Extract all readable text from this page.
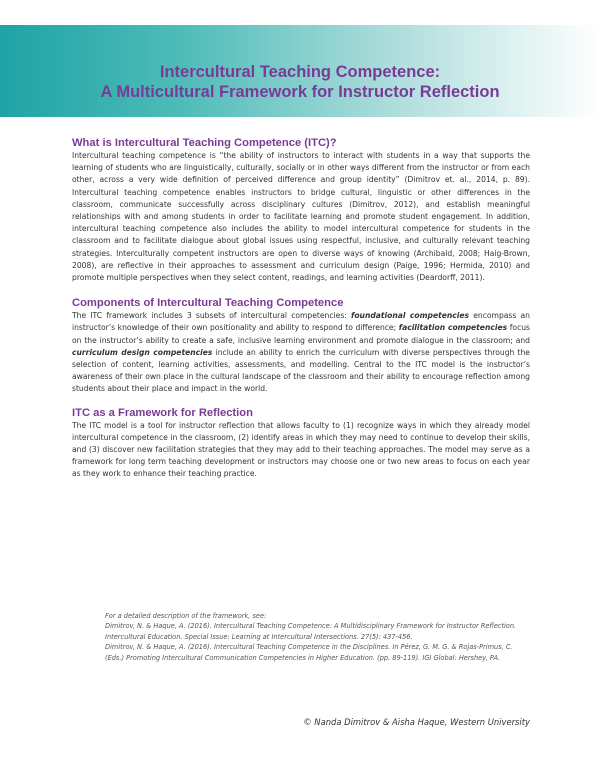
Intercultural Teaching Competence:
A Multicultural Framework for Instructor Reflection
What is Intercultural Teaching Competence (ITC)?

Intercultural teaching competence is “the ability of instructors to interact with students in a way that supports the learning of students who are linguistically, culturally, socially or in other ways different from the instructor or from each other, across a very wide definition of perceived difference and group identity” (Dimitrov et. al., 2014, p. 89). Intercultural teaching competence enables instructors to bridge cultural, linguistic or other differences in the classroom, communicate successfully across disciplinary cultures (Dimitrov, 2012), and establish meaningful relationships with and among students in order to facilitate learning and promote student engagement. In addition, intercultural teaching competence also includes the ability to model intercultural competence for students in the classroom and to facilitate dialogue about global issues using respectful, inclusive, and culturally relevant teaching strategies. Interculturally competent instructors are open to diverse ways of knowing (Archibald, 2008; Haig-Brown, 2008), are reflective in their approaches to assessment and curriculum design (Paige, 1996; Hermida, 2010) and promote multiple perspectives when they select content, readings, and learning activities (Deardorff, 2011).

Components of Intercultural Teaching Competence

The ITC framework includes 3 subsets of intercultural competencies: foundational competencies encompass an instructor’s knowledge of their own positionality and ability to respond to difference; facilitation competencies focus on the instructor’s ability to create a safe, inclusive learning environment and promote dialogue in the classroom; and curriculum design competencies include an ability to enrich the curriculum with diverse perspectives through the selection of content, learning activities, assessments, and modelling. Central to the ITC model is the instructor’s awareness of their own place in the cultural landscape of the classroom and their ability to encourage reflection among students about their place and impact in the world.

ITC as a Framework for Reflection

The ITC model is a tool for instructor reflection that allows faculty to (1) recognize ways in which they already model intercultural competence in the classroom, (2) identify areas in which they may need to continue to develop their skills, and (3) discover new facilitation strategies that they may add to their teaching approaches. The model may serve as a framework for long term teaching development or instructors may choose one or two new areas to focus on each year as they work to enhance their teaching practice.

For a detailed description of the framework, see:
Dimitrov, N. & Haque, A. (2016). Intercultural Teaching Competence: A Multidisciplinary Framework for Instructor Reflection. Intercultural Education. Special Issue: Learning at Intercultural Intersections. 27(5): 437-456.
Dimitrov, N. & Haque, A. (2016). Intercultural Teaching Competence in the Disciplines. In Pérez, G. M. G. & Rojas-Primus, C. (Eds.) Promoting Intercultural Communication Competencies in Higher Education. (pp. 89-119). IGI Global: Hershey, PA.
© Nanda Dimitrov & Aisha Haque, Western University
